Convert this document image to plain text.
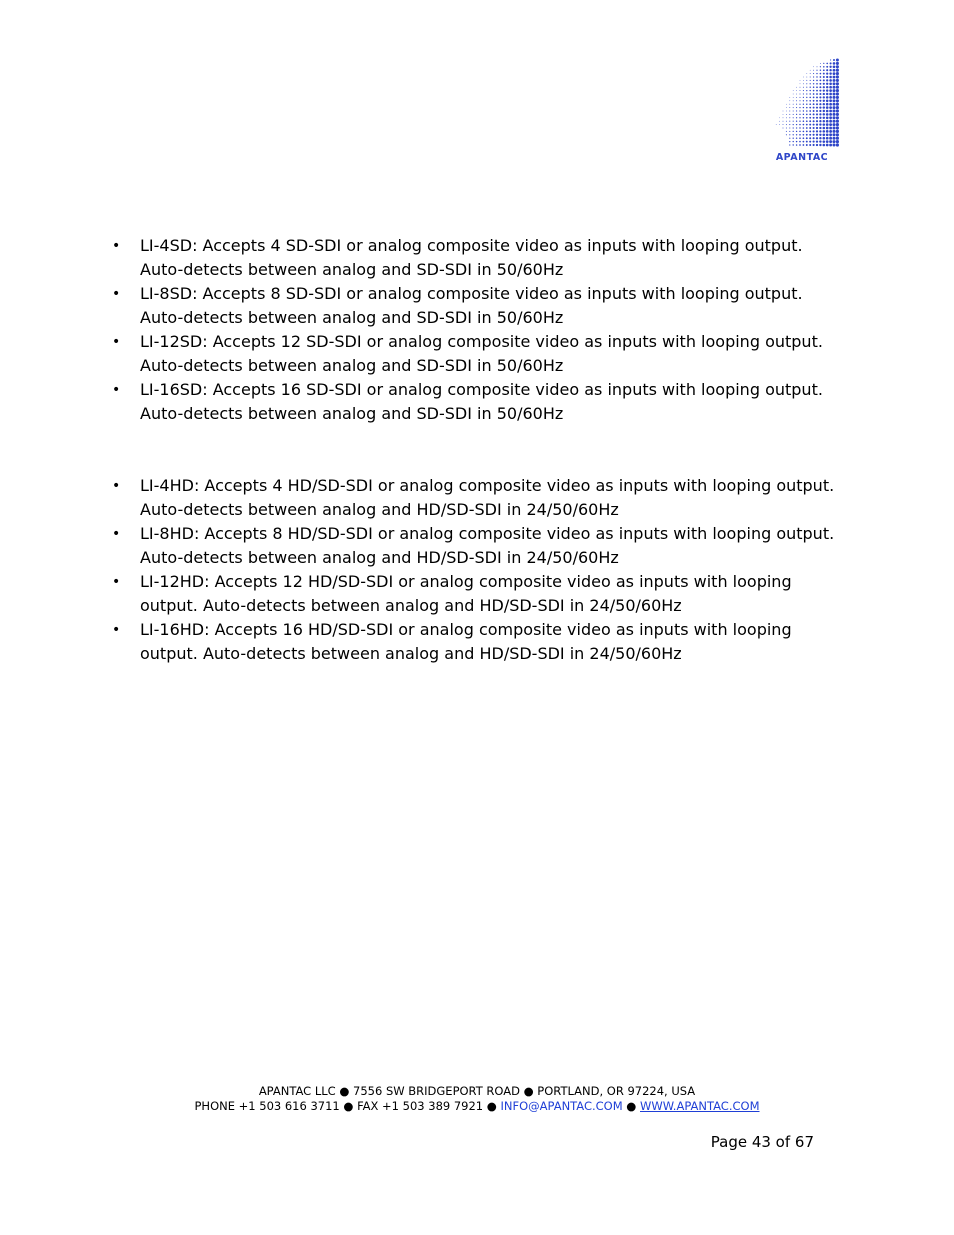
APANTAC
• LI-4SD: Accepts 4 SD-SDI or analog composite video as inputs with looping output. Auto-detects between analog and SD-SDI in 50/60Hz
• LI-8SD: Accepts 8 SD-SDI or analog composite video as inputs with looping output. Auto-detects between analog and SD-SDI in 50/60Hz
• LI-12SD: Accepts 12 SD-SDI or analog composite video as inputs with looping output. Auto-detects between analog and SD-SDI in 50/60Hz
• LI-16SD: Accepts 16 SD-SDI or analog composite video as inputs with looping output. Auto-detects between analog and SD-SDI in 50/60Hz
• LI-4HD: Accepts 4 HD/SD-SDI or analog composite video as inputs with looping output. Auto-detects between analog and HD/SD-SDI in 24/50/60Hz
• LI-8HD: Accepts 8 HD/SD-SDI or analog composite video as inputs with looping output. Auto-detects between analog and HD/SD-SDI in 24/50/60Hz
• LI-12HD: Accepts 12 HD/SD-SDI or analog composite video as inputs with looping output. Auto-detects between analog and HD/SD-SDI in 24/50/60Hz
• LI-16HD: Accepts 16 HD/SD-SDI or analog composite video as inputs with looping output. Auto-detects between analog and HD/SD-SDI in 24/50/60Hz
APANTAC LLC ● 7556 SW BRIDGEPORT ROAD ● PORTLAND, OR 97224, USA
PHONE +1 503 616 3711 ● FAX +1 503 389 7921 ● INFO@APANTAC.COM ● WWW.APANTAC.COM
Page 43 of 67
